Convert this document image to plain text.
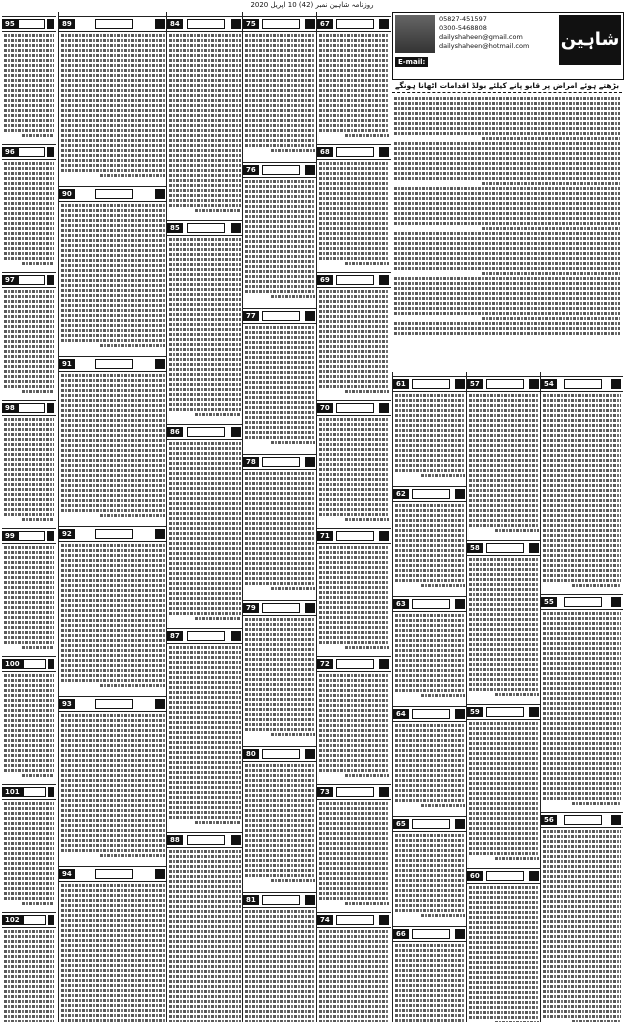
روزنامہ شاہین نمبر (42) 10 اپریل 2020
شاہین
05827-451597
0300-5468808
dailyshaheen@gmail.com
dailyshaheen@hotmail.com
E-mail:
بڑھتے ہوئے امراض پر قابو پانے کیلئے بولڈ اقدامات اٹھانا ہونگے
95
96
97
98
99
100
101
102
89
90
91
92
93
94
84
85
86
87
88
75
76
77
78
79
80
81
67
68
69
70
71
72
73
74
61
62
63
64
65
66
57
58
59
60
54
55
56
